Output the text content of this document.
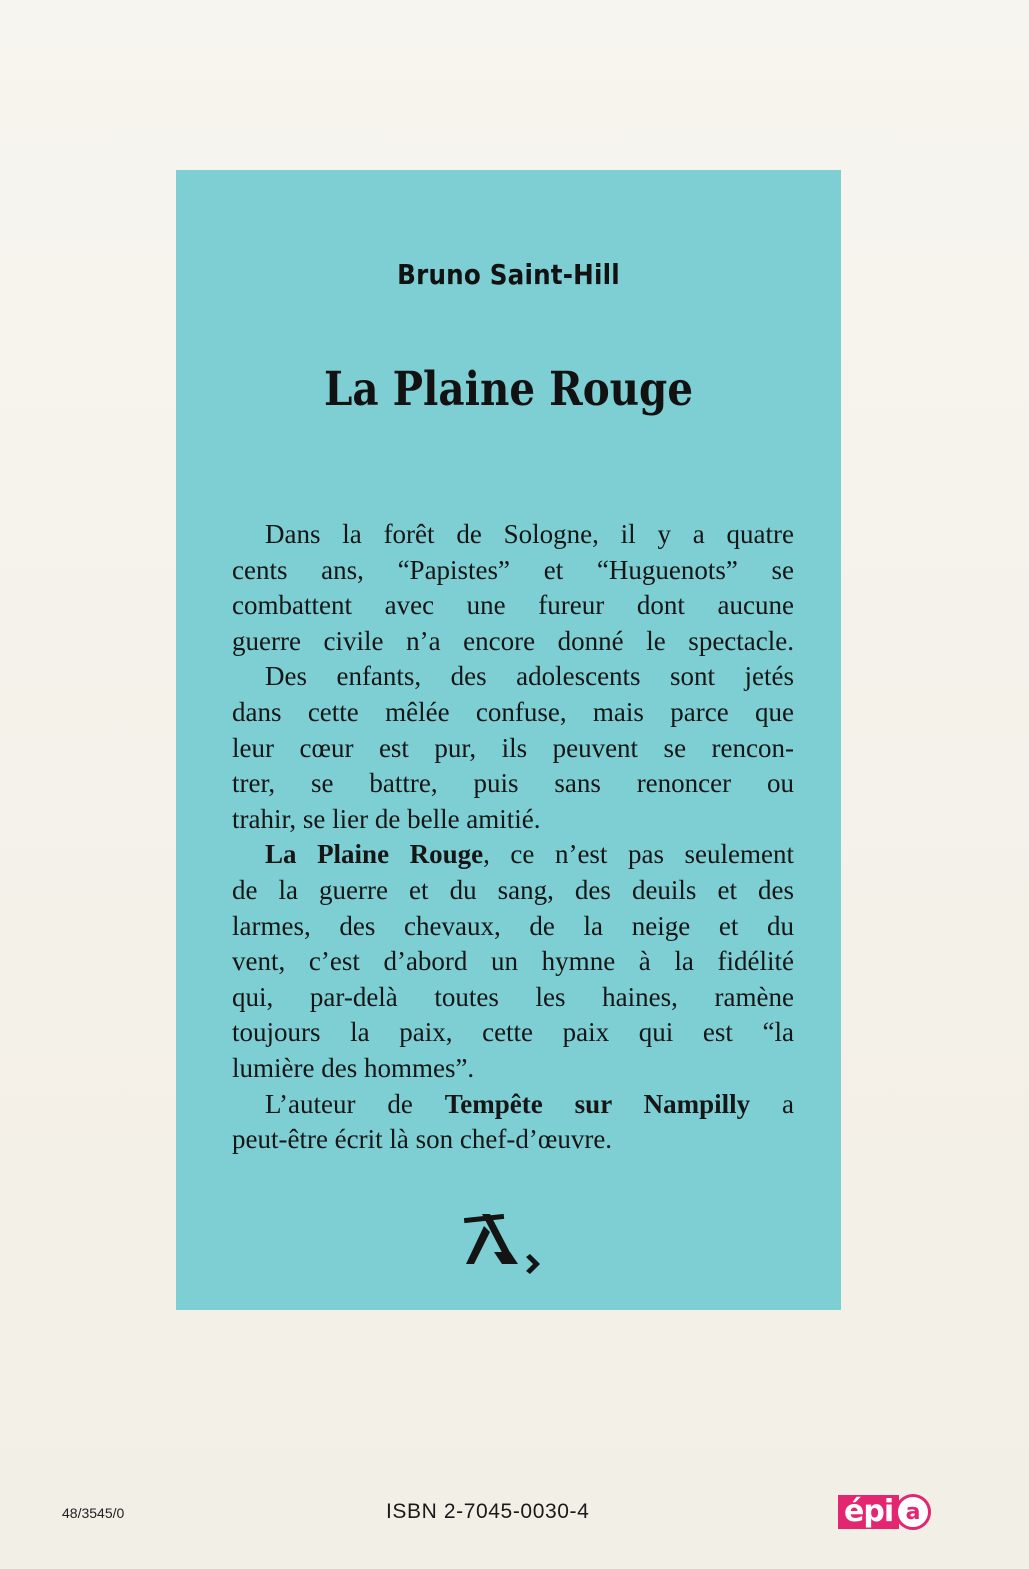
Bruno Saint-Hill
La Plaine Rouge

Dans la forêt de Sologne, il y a quatre
cents ans, “Papistes” et “Huguenots” se
combattent avec une fureur dont aucune
guerre civile n’a encore donné le spectacle.

Des enfants, des adolescents sont jetés
dans cette mêlée confuse, mais parce que
leur cœur est pur, ils peuvent se rencon-
trer, se battre, puis sans renoncer ou
trahir, se lier de belle amitié.

La Plaine Rouge, ce n’est pas seulement
de la guerre et du sang, des deuils et des
larmes, des chevaux, de la neige et du
vent, c’est d’abord un hymne à la fidélité
qui, par-delà toutes les haines, ramène
toujours la paix, cette paix qui est “la
lumière des hommes”.

L’auteur de Tempête sur Nampilly a
peut-être écrit là son chef-d’œuvre.

48/3545/0	ISBN 2-7045-0030-4	épi a
